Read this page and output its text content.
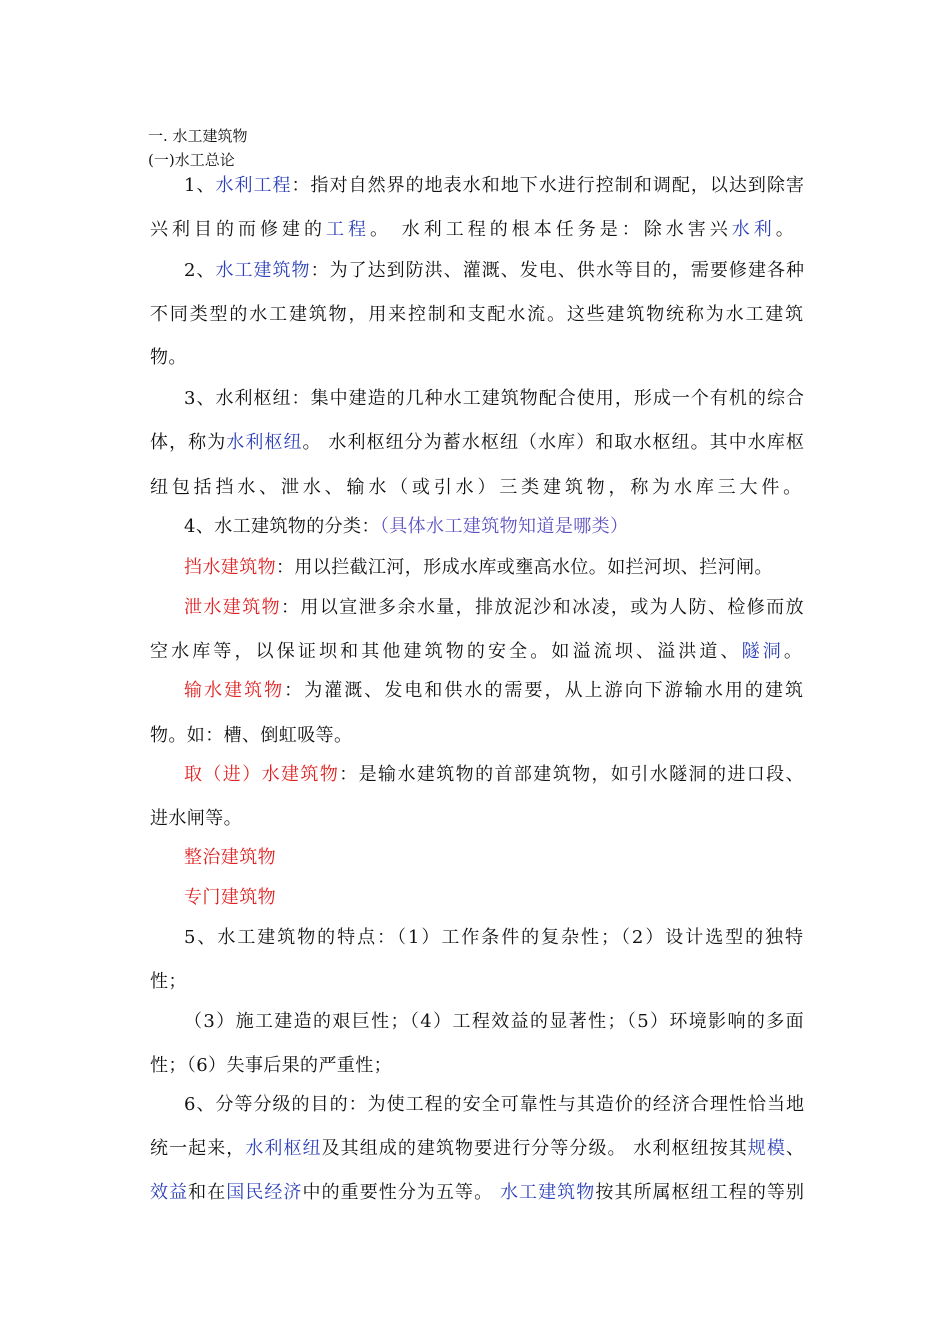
一. 水工建筑物
(一)水工总论
1、水利工程：指对自然界的地表水和地下水进行控制和调配，以达到除害
兴利目的而修建的工程。 水利工程的根本任务是：除水害兴水利。
2、水工建筑物：为了达到防洪、灌溉、发电、供水等目的，需要修建各种
不同类型的水工建筑物，用来控制和支配水流。这些建筑物统称为水工建筑
物。
3、水利枢纽：集中建造的几种水工建筑物配合使用，形成一个有机的综合
体，称为水利枢纽。 水利枢纽分为蓄水枢纽（水库）和取水枢纽。其中水库枢
纽包括挡水、泄水、输水（或引水）三类建筑物，称为水库三大件。
4、水工建筑物的分类：（具体水工建筑物知道是哪类）
挡水建筑物：用以拦截江河，形成水库或壅高水位。如拦河坝、拦河闸。
泄水建筑物：用以宣泄多余水量，排放泥沙和冰凌，或为人防、检修而放
空水库等，以保证坝和其他建筑物的安全。如溢流坝、溢洪道、隧洞。
输水建筑物：为灌溉、发电和供水的需要，从上游向下游输水用的建筑
物。如：槽、倒虹吸等。
取（进）水建筑物：是输水建筑物的首部建筑物，如引水隧洞的进口段、
进水闸等。
整治建筑物
专门建筑物
5、水工建筑物的特点：（1）工作条件的复杂性；（2）设计选型的独特
性；
（3）施工建造的艰巨性；（4）工程效益的显著性；（5）环境影响的多面
性；（6）失事后果的严重性；
6、分等分级的目的：为使工程的安全可靠性与其造价的经济合理性恰当地
统一起来，水利枢纽及其组成的建筑物要进行分等分级。 水利枢纽按其规模、
效益和在国民经济中的重要性分为五等。 水工建筑物按其所属枢纽工程的等别
